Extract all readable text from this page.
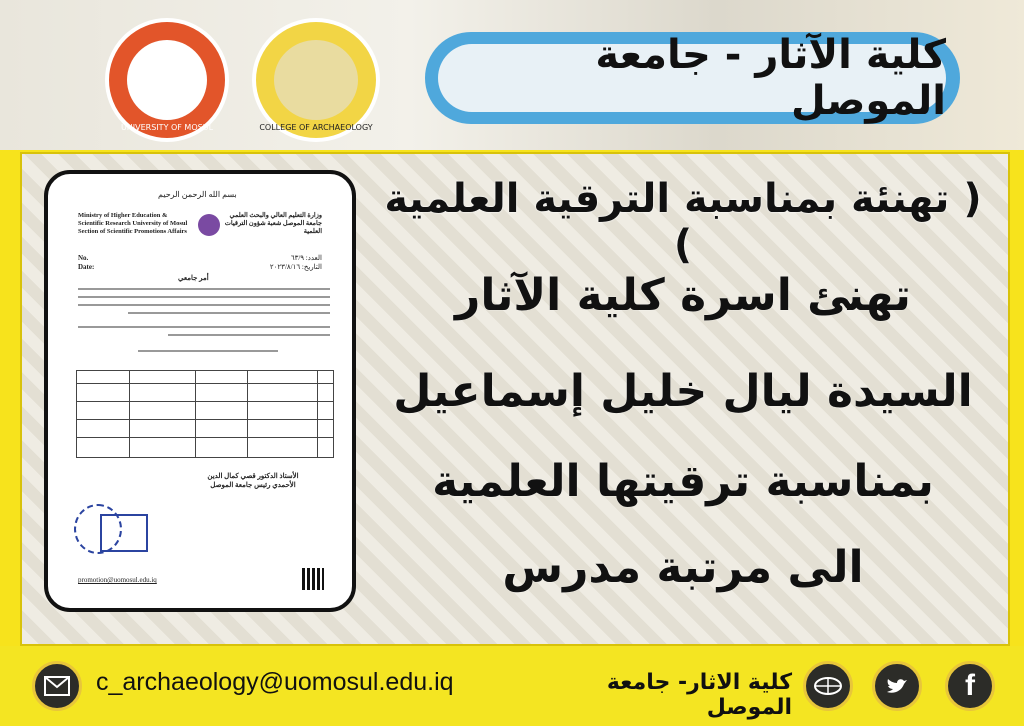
UNIVERSITY OF MOSUL	COLLEGE OF ARCHAEOLOGY
كلية الآثار - جامعة الموصل
بسم الله الرحمن الرحيم
Ministry of Higher Education & Scientific Research University of Mosul Section of Scientific Promotions Affairs
وزارة التعليم العالي والبحث العلمي جامعة الموصل شعبة شؤون الترقيات العلمية
No.
Date:
العدد: ٦٣/٩
التاريخ: ٢٠٢٣/٨/١٦
أمر جامعي
الأستاذ الدكتور قصي كمال الدين الأحمدي رئيس جامعة الموصل
promotion@uomosul.edu.iq
( تهنئة بمناسبة الترقية العلمية )
تهنئ اسرة كلية الآثار
السيدة ليال خليل إسماعيل
بمناسبة ترقيتها العلمية
الى مرتبة مدرس
c_archaeology@uomosul.edu.iq	كلية الاثار- جامعة الموصل
f
